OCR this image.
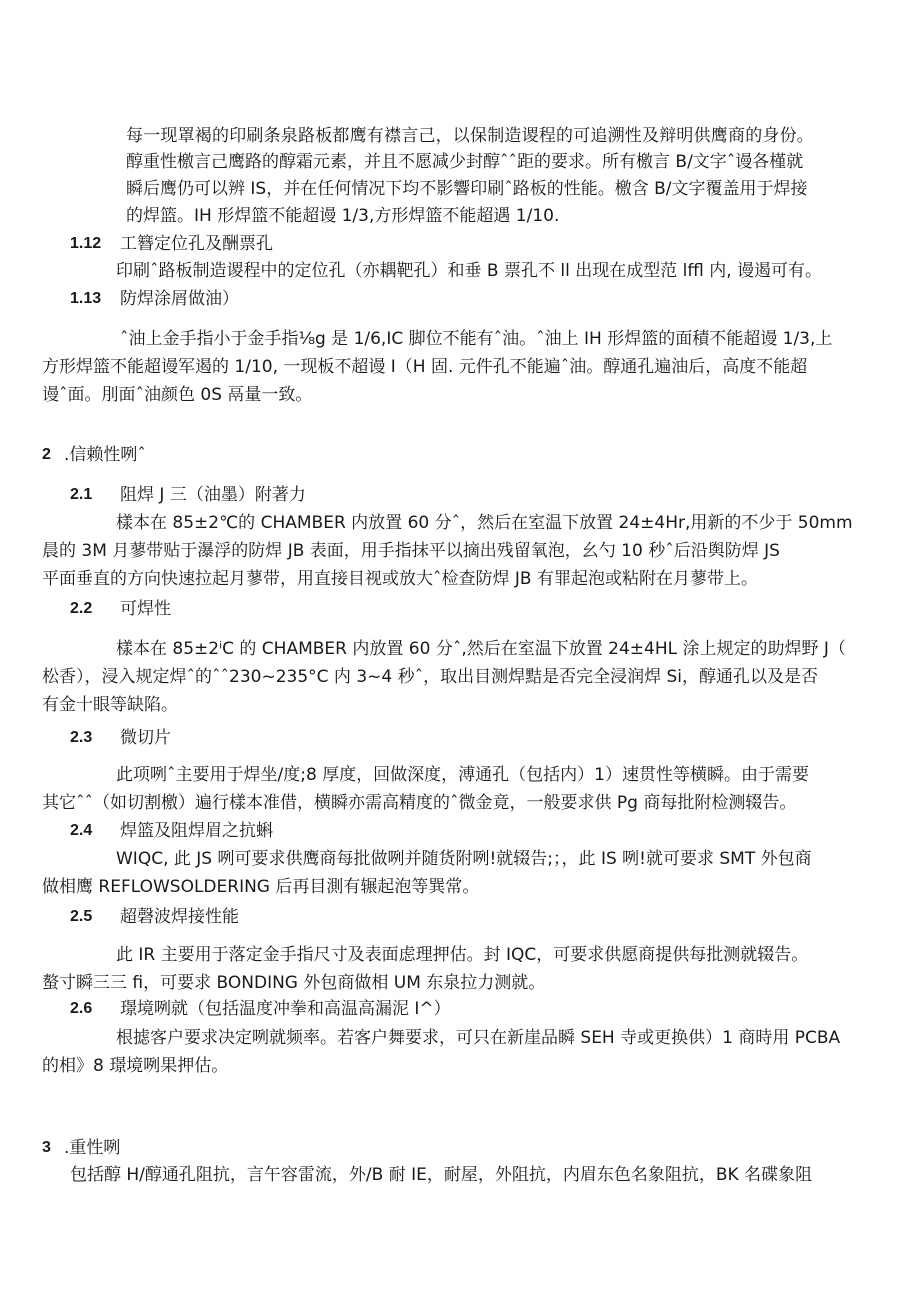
每一现罩褐的印刷条泉路板都鹰有襟言己，以保制造谡程的可追溯性及辩明供鹰商的身份。
醇重性檄言己鹰路的醇霜元素，并且不愿减少封醇ˆˆ距的要求。所有檄言 B/文字ˆ谩各槿就
瞬后鹰仍可以辨 IS，并在任何情况下均不影響印刷ˆ路板的性能。檄含 B/文字覆盖用于焊接
的焊篮。IH 形焊篮不能超谩 1/3,方形焊篮不能超遇 1/10.
1.12 工簪定位孔及酬票孔
印刷ˆ路板制造谡程中的定位孔（亦耦靶孔）和垂 B 票孔不 ll 出现在成型范 lffl 内, 谩遏可有。
1.13 防焊涂屑做油）
ˆ油上金手指小于金手指⅛g 是 1/6,IC 脚位不能有ˆ油。ˆ油上 IH 形焊篮的面積不能超谩 1/3,上
方形焊篮不能超谩军遏的 1/10, 一现板不超谩 I（H 固. 元件孔不能遍ˆ油。醇通孔遍油后，高度不能超
谩ˆ面。刖面ˆ油颜色 0S 鬲量一致。
2 .信赖性咧ˆ
2.1 阻焊 J 三（油墨）附著力
樣本在 85±2℃的 CHAMBER 内放置 60 分ˆ，然后在室温下放置 24±4Hr,用新的不少于 50mm
晨的 3M 月蓼带贴于瀑浮的防焊 JB 表面，用手指抹平以摘出残留氧泡，幺勺 10 秒ˆ后沿舆防焊 JS
平面垂直的方向快速拉起月蓼带，用直接目视或放大ˆ检查防焊 JB 有罪起泡或粘附在月蓼带上。
2.2 可焊性
樣本在 85±2ⁱC 的 CHAMBER 内放置 60 分ˆ,然后在室温下放置 24±4HL 涂上规定的助焊野 J（
松香），浸入规定焊ˆ的ˆˆ230~235°C 内 3~4 秒ˆ，取出目测焊黠是否完全浸润焊 Si，醇通孔以及是否
有金十眼等缺陷。
2.3 微切片
此项咧ˆ主要用于焊坐/度;8 厚度，回做深度，溥通孔（包括内）1）速贯性等横瞬。由于需要
其它ˆˆ（如切割檄）遍行樣本准借，横瞬亦需高精度的ˆ微金竟，一般要求供 Pg 商每批附检测辍告。
2.4 焊篮及阻焊眉之抗蝌
WIQC, 此 JS 咧可要求供鹰商每批做咧并随货附咧!就辍告;；，此 IS 咧!就可要求 SMT 外包商
做相鹰 REFLOWSOLDERING 后再目測有辗起泡等巽常。
2.5 超磬波焊接性能
此 IR 主要用于落定金手指尺寸及表面虑理押估。封 IQC，可要求供愿商提供每批测就辍告。
螯寸瞬三三 fi，可要求 BONDING 外包商做相 UM 东泉拉力测就。
2.6 璟境咧就（包括温度冲拳和高温高漏泥 I^）
根摅客户要求决定咧就频率。若客户舞要求，可只在新崖品瞬 SEH 寺或更换供）1 商時用 PCBA
的相》8 璟境咧果押估。
3 .重性咧
包括醇 H/醇通孔阻抗，言午容雷流，外/B 耐 IE，耐屋，外阻抗，内眉东色名象阻抗，BK 名碟象阻
